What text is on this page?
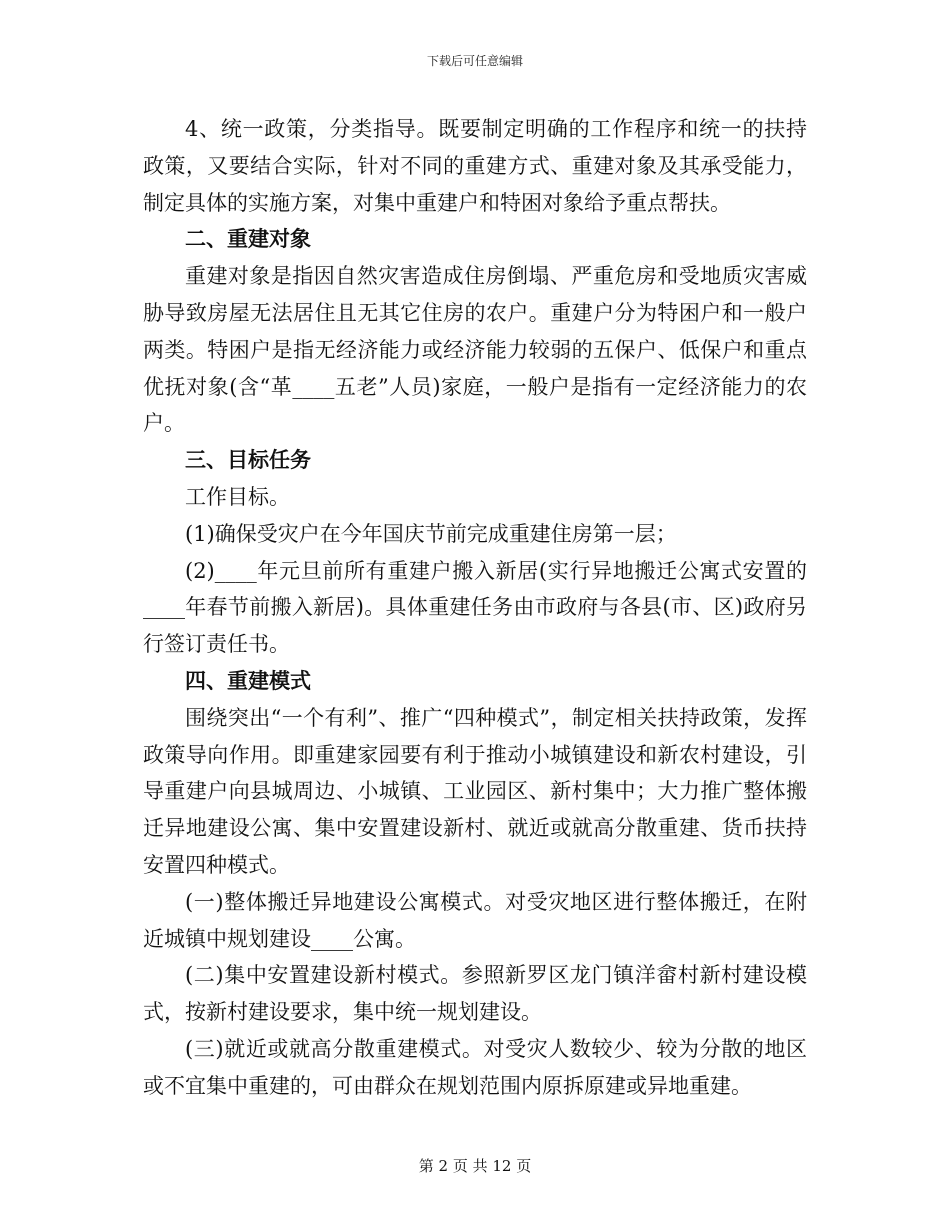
下载后可任意编辑

4、统一政策，分类指导。既要制定明确的工作程序和统一的扶持政策，又要结合实际，针对不同的重建方式、重建对象及其承受能力，制定具体的实施方案，对集中重建户和特困对象给予重点帮扶。

二、重建对象

重建对象是指因自然灾害造成住房倒塌、严重危房和受地质灾害威胁导致房屋无法居住且无其它住房的农户。重建户分为特困户和一般户两类。特困户是指无经济能力或经济能力较弱的五保户、低保户和重点优抚对象(含“革____五老”人员)家庭，一般户是指有一定经济能力的农户。

三、目标任务

工作目标。

(1)确保受灾户在今年国庆节前完成重建住房第一层；

(2)____年元旦前所有重建户搬入新居(实行异地搬迁公寓式安置的____年春节前搬入新居)。具体重建任务由市政府与各县(市、区)政府另行签订责任书。

四、重建模式

围绕突出“一个有利”、推广“四种模式”，制定相关扶持政策，发挥政策导向作用。即重建家园要有利于推动小城镇建设和新农村建设，引导重建户向县城周边、小城镇、工业园区、新村集中；大力推广整体搬迁异地建设公寓、集中安置建设新村、就近或就高分散重建、货币扶持安置四种模式。

(一)整体搬迁异地建设公寓模式。对受灾地区进行整体搬迁，在附近城镇中规划建设____公寓。

(二)集中安置建设新村模式。参照新罗区龙门镇洋畲村新村建设模式，按新村建设要求，集中统一规划建设。

(三)就近或就高分散重建模式。对受灾人数较少、较为分散的地区或不宜集中重建的，可由群众在规划范围内原拆原建或异地重建。

第 2 页 共 12 页
